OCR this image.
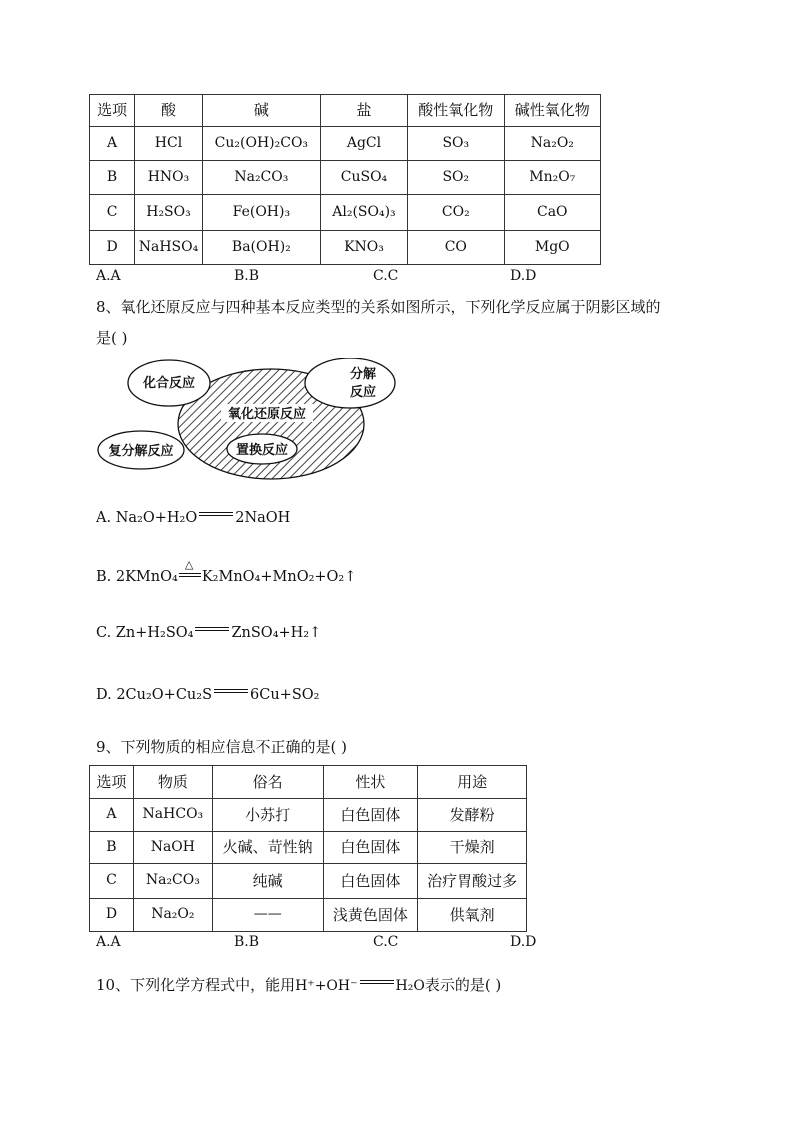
选项	酸	碱	盐	酸性氧化物	碱性氧化物
A	HCl	Cu₂(OH)₂CO₃	AgCl	SO₃	Na₂O₂
B	HNO₃	Na₂CO₃	CuSO₄	SO₂	Mn₂O₇
C	H₂SO₃	Fe(OH)₃	Al₂(SO₄)₃	CO₂	CaO
D	NaHSO₄	Ba(OH)₂	KNO₃	CO	MgO
A.A	B.B	C.C	D.D
8、氧化还原反应与四种基本反应类型的关系如图所示，下列化学反应属于阴影区域的
是( )
化合反应
分解
反应
氧化还原反应
置换反应
复分解反应
A. Na₂O+H₂O	2NaOH
B. 2KMnO₄
△
K₂MnO₄+MnO₂+O₂↑
C. Zn+H₂SO₄	ZnSO₄+H₂↑
D. 2Cu₂O+Cu₂S	6Cu+SO₂
9、下列物质的相应信息不正确的是( )
选项	物质	俗名	性状	用途
A	NaHCO₃	小苏打	白色固体	发酵粉
B	NaOH	火碱、苛性钠	白色固体	干燥剂
C	Na₂CO₃	纯碱	白色固体	治疗胃酸过多
D	Na₂O₂	——	浅黄色固体	供氧剂
A.A	B.B	C.C	D.D
10、下列化学方程式中，能用H⁺+OH⁻	H₂O表示的是( )
